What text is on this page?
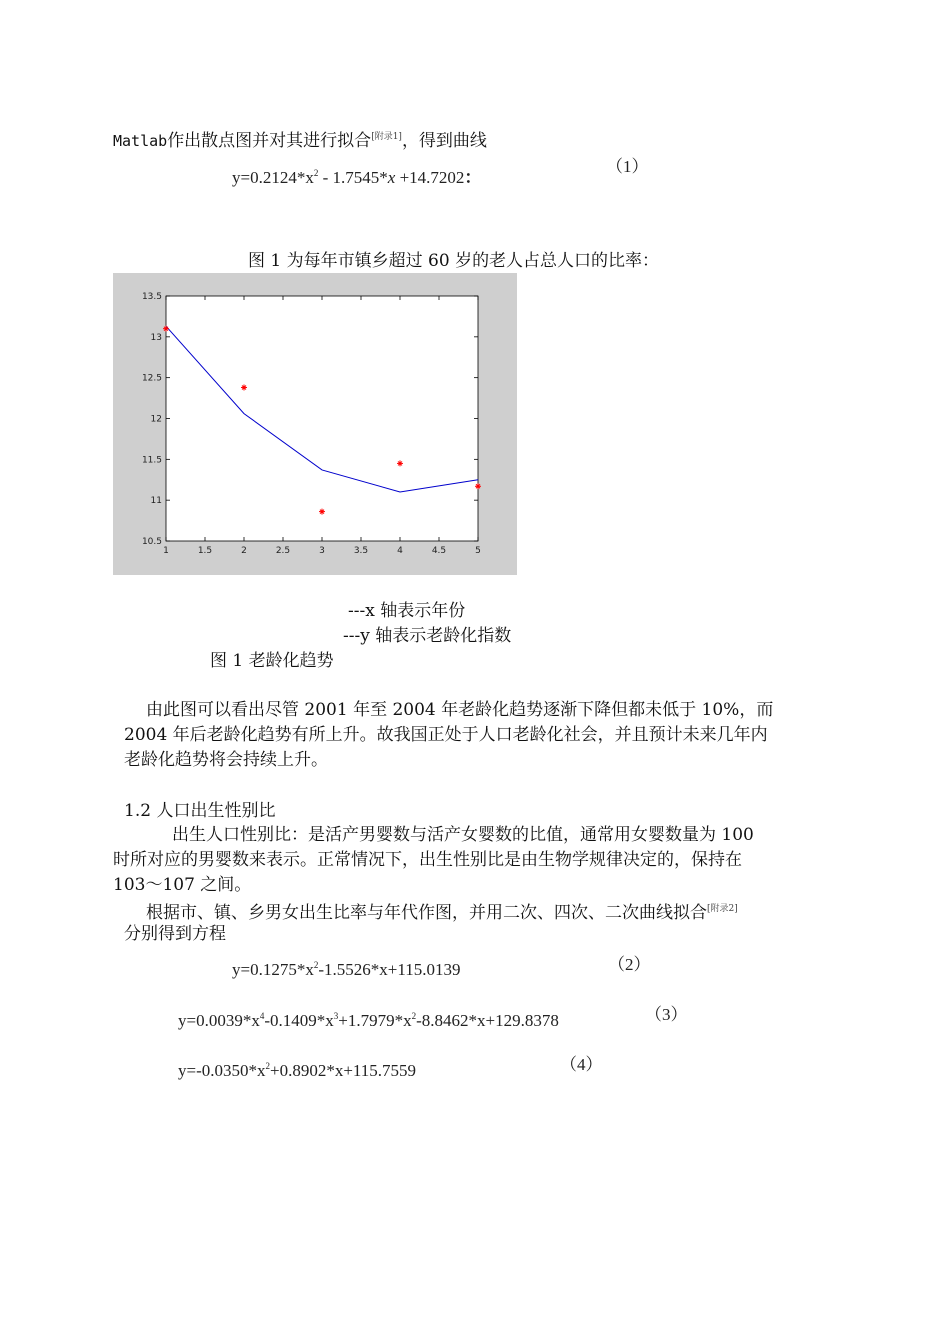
Matlab作出散点图并对其进行拟合[附录1]，得到曲线
$y=0.2124*x^2 - 1.7545*x +14.7202$：
（1）
图 1 为每年市镇乡超过 60 岁的老人占总人口的比率：
1	1.5	2	2.5	3	3.5	4	4.5	5
10.5
11
11.5
12
12.5
13
13.5
---x 轴表示年份
---y 轴表示老龄化指数
图 1 老龄化趋势
由此图可以看出尽管 2001 年至 2004 年老龄化趋势逐渐下降但都未低于 10%，而
2004 年后老龄化趋势有所上升。故我国正处于人口老龄化社会，并且预计未来几年内
老龄化趋势将会持续上升。
1.2 人口出生性别比
出生人口性别比：是活产男婴数与活产女婴数的比值，通常用女婴数量为 100
时所对应的男婴数来表示。正常情况下，出生性别比是由生物学规律决定的，保持在
103～107 之间。
根据市、镇、乡男女出生比率与年代作图，并用二次、四次、二次曲线拟合[附录2]
分别得到方程
$y=0.1275*x^2-1.5526*x+115.0139$	（2）
$y=0.0039*x^4-0.1409*x^3+1.7979*x^2-8.8462*x+129.8378$	（3）
$y=-0.0350*x^2+0.8902*x+115.7559$	（4）
